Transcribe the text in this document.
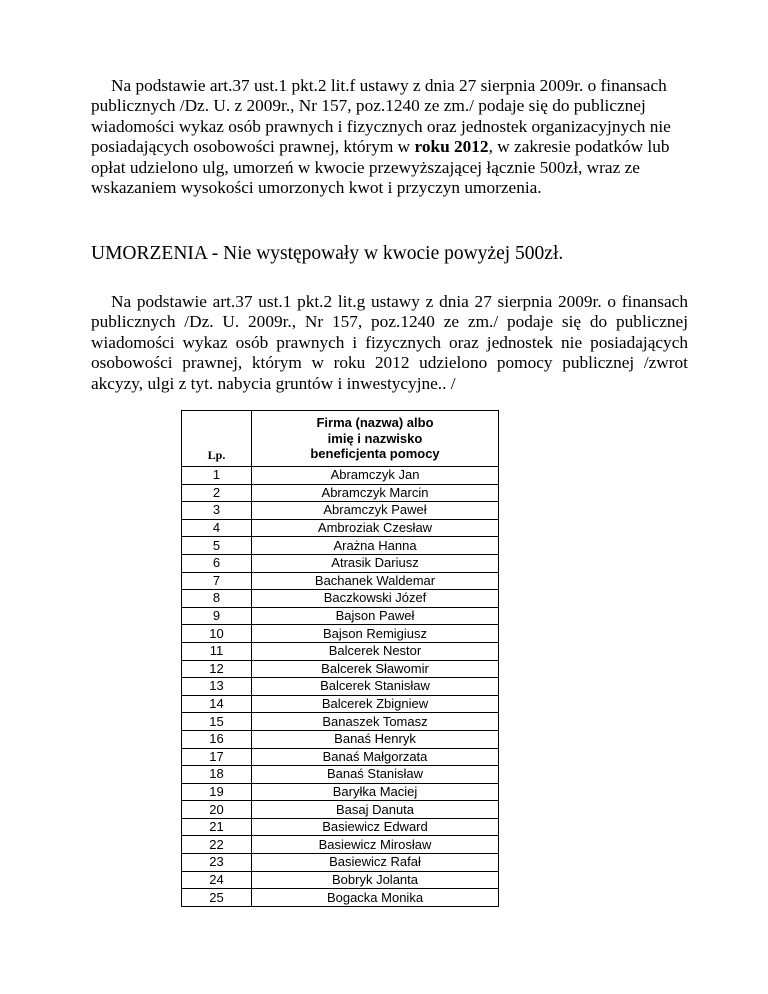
Na podstawie art.37 ust.1 pkt.2 lit.f ustawy z dnia 27 sierpnia 2009r. o finansach publicznych /Dz. U. z 2009r., Nr 157, poz.1240 ze zm./ podaje się do publicznej wiadomości wykaz osób prawnych i fizycznych oraz jednostek organizacyjnych nie posiadających osobowości prawnej, którym w roku 2012, w zakresie podatków lub opłat udzielono ulg, umorzeń w kwocie przewyższającej łącznie 500zł, wraz ze wskazaniem wysokości umorzonych kwot i przyczyn umorzenia.

UMORZENIA - Nie występowały w kwocie powyżej 500zł.

Na podstawie art.37 ust.1 pkt.2 lit.g ustawy z dnia 27 sierpnia 2009r. o finansach publicznych /Dz. U. 2009r., Nr 157, poz.1240 ze zm./ podaje się do publicznej wiadomości wykaz osób prawnych i fizycznych oraz jednostek nie posiadających osobowości prawnej, którym w roku 2012 udzielono pomocy publicznej /zwrot akcyzy, ulgi z tyt. nabycia gruntów i inwestycyjne.. /

Lp.	Firma (nazwa) albo
imię i nazwisko
beneficjenta pomocy

1	Abramczyk Jan
2	Abramczyk Marcin
3	Abramczyk Paweł
4	Ambroziak Czesław
5	Arażna Hanna
6	Atrasik Dariusz
7	Bachanek Waldemar
8	Baczkowski Józef
9	Bajson Paweł
10	Bajson Remigiusz
11	Balcerek Nestor
12	Balcerek Sławomir
13	Balcerek Stanisław
14	Balcerek Zbigniew
15	Banaszek Tomasz
16	Banaś Henryk
17	Banaś Małgorzata
18	Banaś Stanisław
19	Baryłka Maciej
20	Basaj Danuta
21	Basiewicz Edward
22	Basiewicz Mirosław
23	Basiewicz Rafał
24	Bobryk Jolanta
25	Bogacka Monika
